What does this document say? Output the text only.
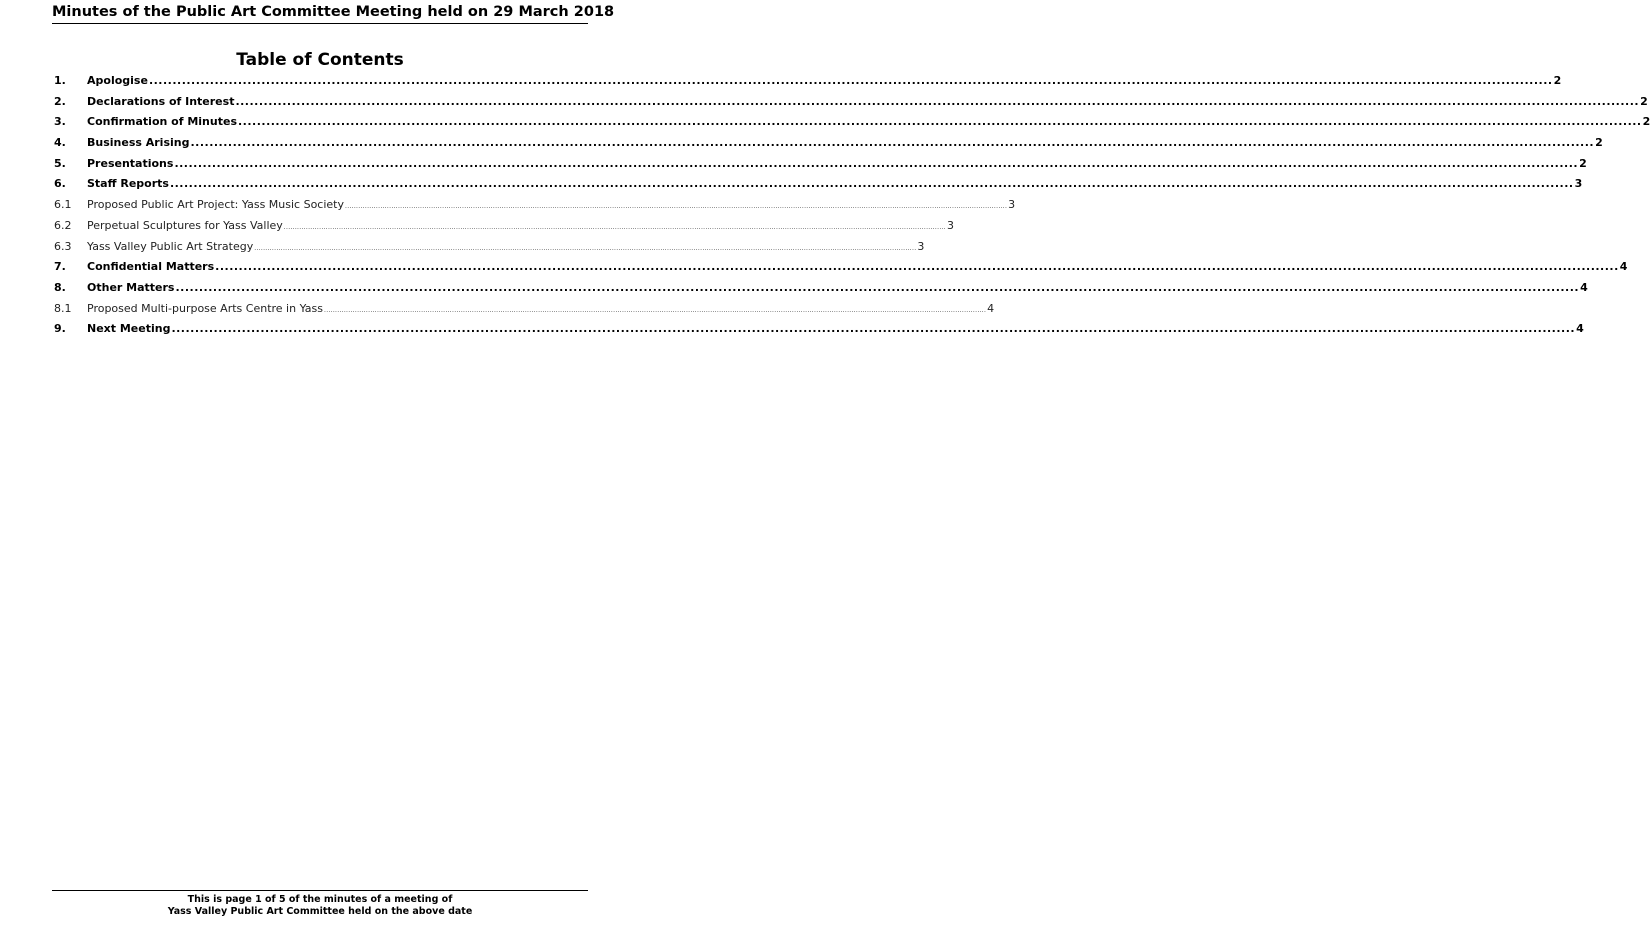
Minutes of the Public Art Committee Meeting held on 29 March 2018
Table of Contents
1.	Apologise ............................................................................................................................................................................................................................................................................................................ 2
2.	Declarations of Interest ............................................................................................................................................................................................................................................................................................................ 2
3.	Confirmation of Minutes ............................................................................................................................................................................................................................................................................................................ 2
4.	Business Arising ............................................................................................................................................................................................................................................................................................................ 2
5.	Presentations ............................................................................................................................................................................................................................................................................................................ 2
6.	Staff Reports ............................................................................................................................................................................................................................................................................................................ 3
6.1	Proposed Public Art Project: Yass Music Society ............................................................................................................................................................................................................................................................................................................ 3
6.2	Perpetual Sculptures for Yass Valley ............................................................................................................................................................................................................................................................................................................ 3
6.3	Yass Valley Public Art Strategy ............................................................................................................................................................................................................................................................................................................ 3
7.	Confidential Matters ............................................................................................................................................................................................................................................................................................................ 4
8.	Other Matters ............................................................................................................................................................................................................................................................................................................ 4
8.1	Proposed Multi-purpose Arts Centre in Yass ............................................................................................................................................................................................................................................................................................................ 4
9.	Next Meeting ............................................................................................................................................................................................................................................................................................................ 4
This is page 1 of 5 of the minutes of a meeting of
Yass Valley Public Art Committee held on the above date
